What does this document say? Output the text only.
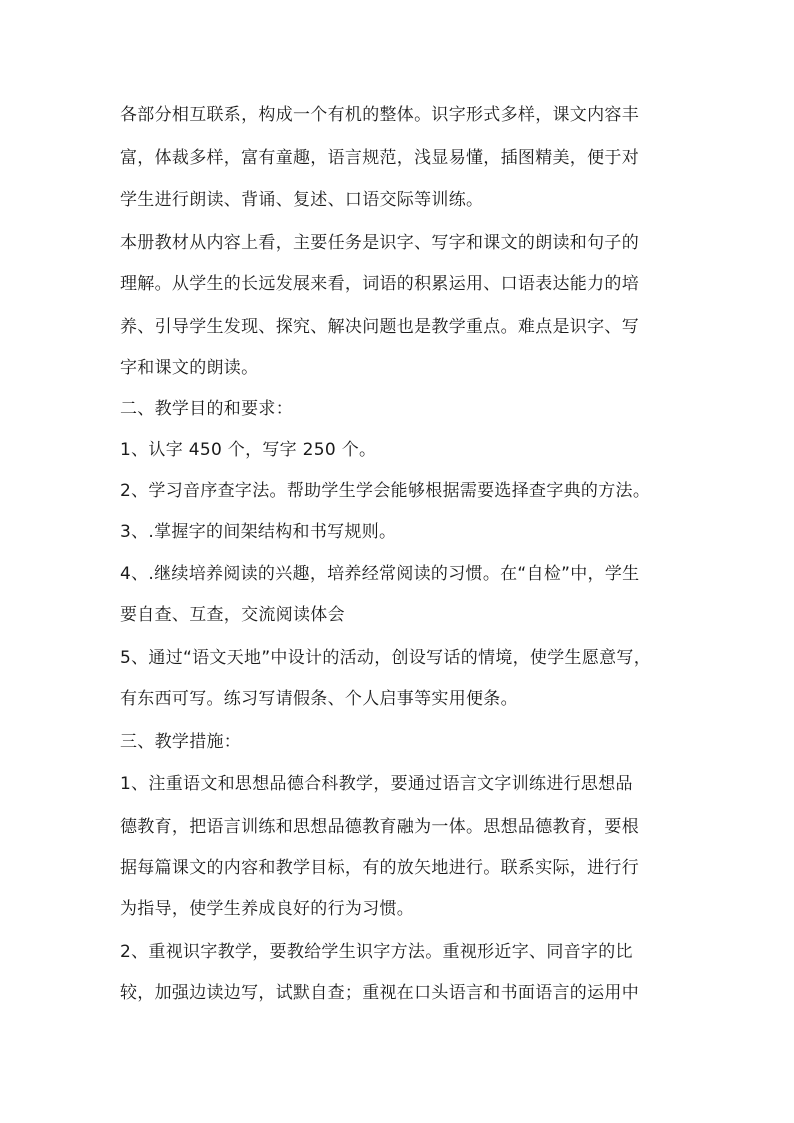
各部分相互联系，构成一个有机的整体。识字形式多样，课文内容丰
富，体裁多样，富有童趣，语言规范，浅显易懂，插图精美，便于对
学生进行朗读、背诵、复述、口语交际等训练。
本册教材从内容上看，主要任务是识字、写字和课文的朗读和句子的
理解。从学生的长远发展来看，词语的积累运用、口语表达能力的培
养、引导学生发现、探究、解决问题也是教学重点。难点是识字、写
字和课文的朗读。
二、教学目的和要求：
1、认字 450 个，写字 250 个。
2、学习音序查字法。帮助学生学会能够根据需要选择查字典的方法。
3、.掌握字的间架结构和书写规则。
4、.继续培养阅读的兴趣，培养经常阅读的习惯。在“自检”中，学生
要自查、互查，交流阅读体会
5、通过“语文天地”中设计的活动，创设写话的情境，使学生愿意写，
有东西可写。练习写请假条、个人启事等实用便条。
三、教学措施：
1、注重语文和思想品德合科教学，要通过语言文字训练进行思想品
德教育，把语言训练和思想品德教育融为一体。思想品德教育，要根
据每篇课文的内容和教学目标，有的放矢地进行。联系实际，进行行
为指导，使学生养成良好的行为习惯。
2、重视识字教学，要教给学生识字方法。重视形近字、同音字的比
较，加强边读边写，试默自查；重视在口头语言和书面语言的运用中
